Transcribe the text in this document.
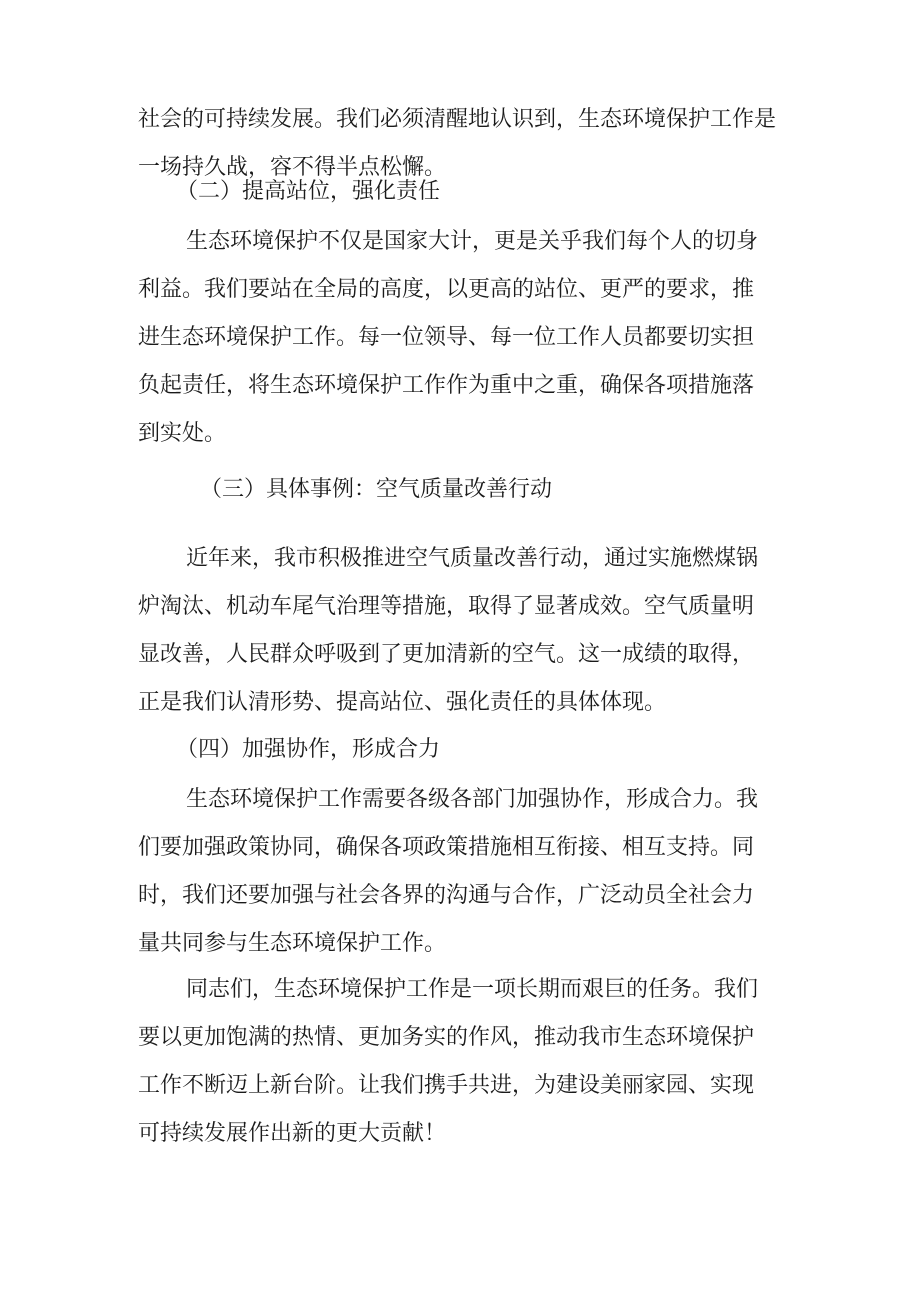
社会的可持续发展。我们必须清醒地认识到，生态环境保护工作是
一场持久战，容不得半点松懈。
（二）提高站位，强化责任
生态环境保护不仅是国家大计，更是关乎我们每个人的切身
利益。我们要站在全局的高度，以更高的站位、更严的要求，推
进生态环境保护工作。每一位领导、每一位工作人员都要切实担
负起责任，将生态环境保护工作作为重中之重，确保各项措施落
到实处。
（三）具体事例：空气质量改善行动
近年来，我市积极推进空气质量改善行动，通过实施燃煤锅
炉淘汰、机动车尾气治理等措施，取得了显著成效。空气质量明
显改善，人民群众呼吸到了更加清新的空气。这一成绩的取得，
正是我们认清形势、提高站位、强化责任的具体体现。
（四）加强协作，形成合力
生态环境保护工作需要各级各部门加强协作，形成合力。我
们要加强政策协同，确保各项政策措施相互衔接、相互支持。同
时，我们还要加强与社会各界的沟通与合作，广泛动员全社会力
量共同参与生态环境保护工作。
同志们，生态环境保护工作是一项长期而艰巨的任务。我们
要以更加饱满的热情、更加务实的作风，推动我市生态环境保护
工作不断迈上新台阶。让我们携手共进，为建设美丽家园、实现
可持续发展作出新的更大贡献！
